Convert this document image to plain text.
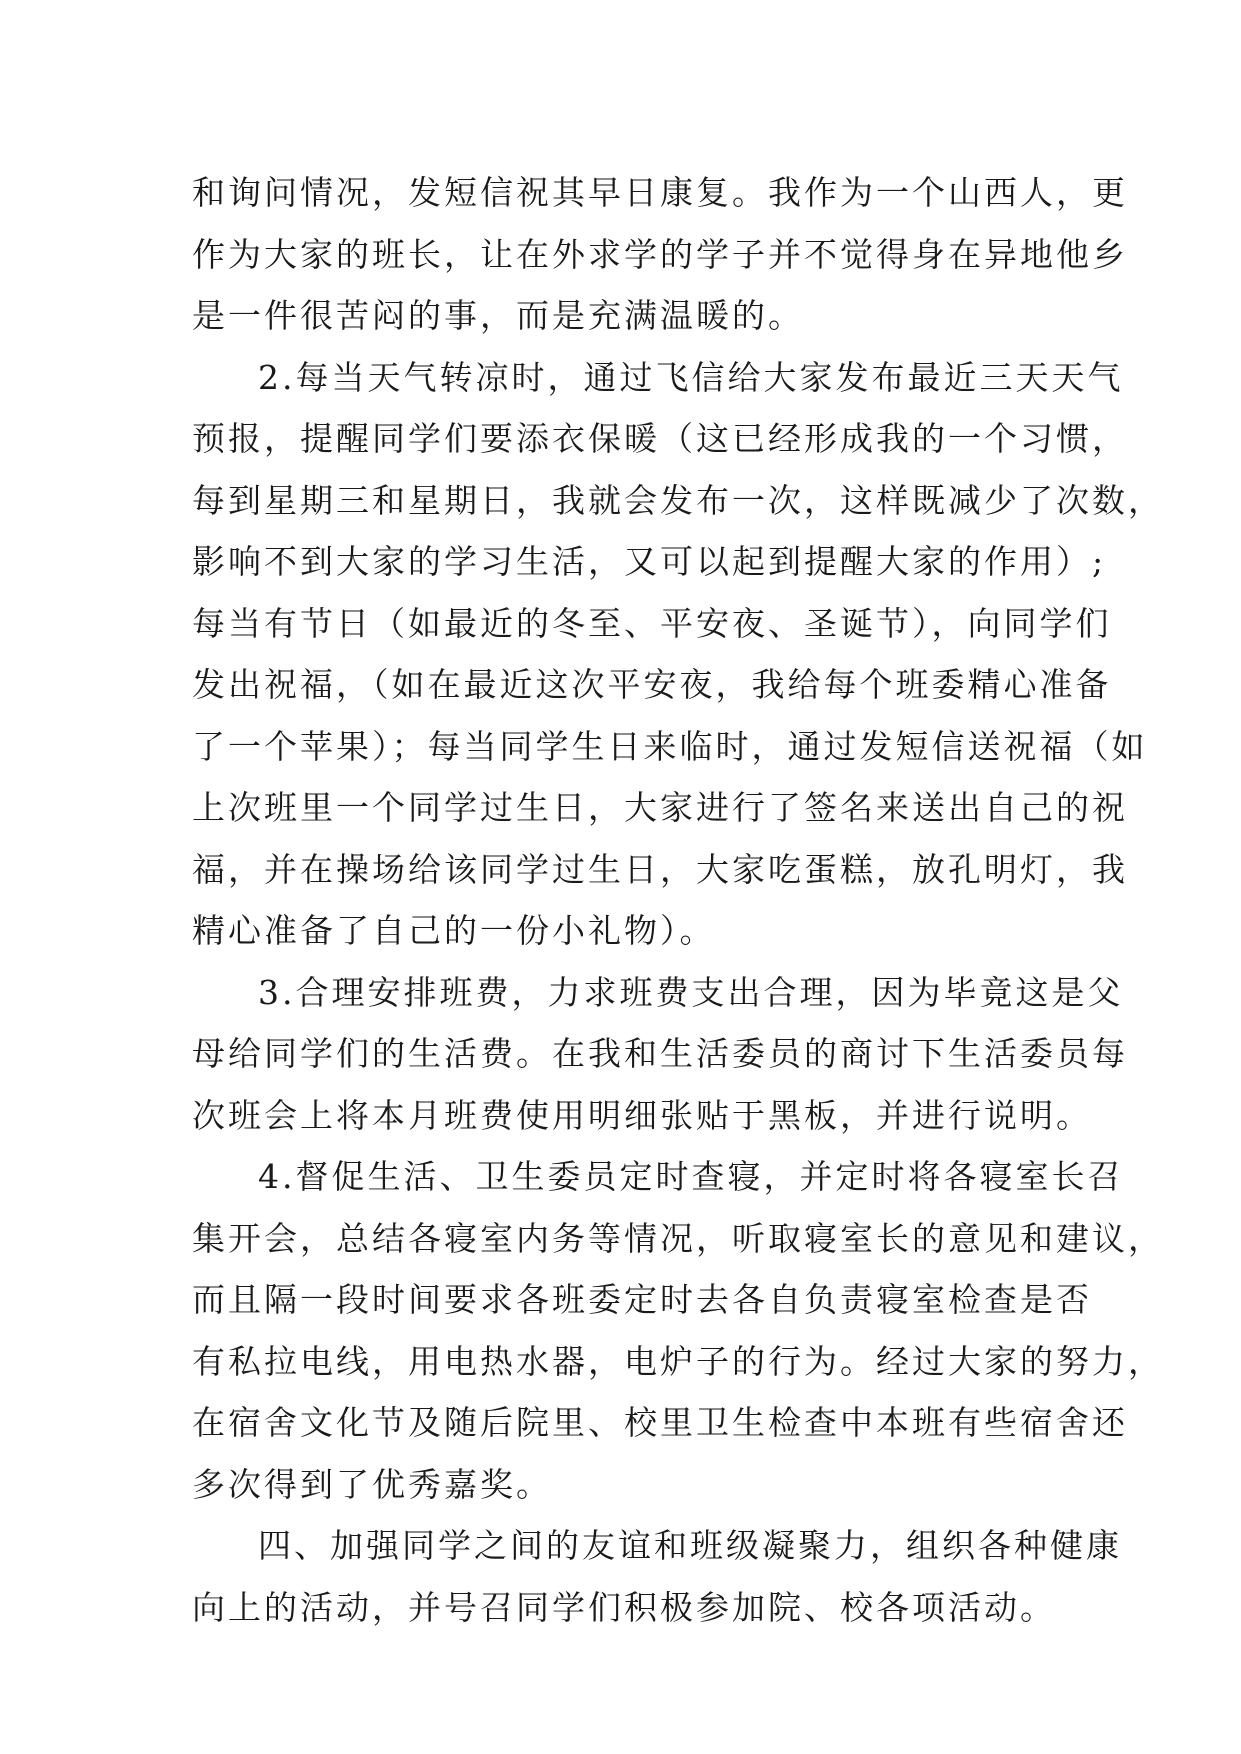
和询问情况，发短信祝其早日康复。我作为一个山西人，更
作为大家的班长，让在外求学的学子并不觉得身在异地他乡
是一件很苦闷的事，而是充满温暖的。
2.每当天气转凉时，通过飞信给大家发布最近三天天气
预报，提醒同学们要添衣保暖（这已经形成我的一个习惯，
每到星期三和星期日，我就会发布一次，这样既减少了次数，
影响不到大家的学习生活，又可以起到提醒大家的作用）;
每当有节日（如最近的冬至、平安夜、圣诞节），向同学们
发出祝福，（如在最近这次平安夜，我给每个班委精心准备
了一个苹果）；每当同学生日来临时，通过发短信送祝福（如
上次班里一个同学过生日，大家进行了签名来送出自己的祝
福，并在操场给该同学过生日，大家吃蛋糕，放孔明灯，我
精心准备了自己的一份小礼物）。
3.合理安排班费，力求班费支出合理，因为毕竟这是父
母给同学们的生活费。在我和生活委员的商讨下生活委员每
次班会上将本月班费使用明细张贴于黑板，并进行说明。
4.督促生活、卫生委员定时查寝，并定时将各寝室长召
集开会，总结各寝室内务等情况，听取寝室长的意见和建议，
而且隔一段时间要求各班委定时去各自负责寝室检查是否
有私拉电线，用电热水器，电炉子的行为。经过大家的努力，
在宿舍文化节及随后院里、校里卫生检查中本班有些宿舍还
多次得到了优秀嘉奖。
四、加强同学之间的友谊和班级凝聚力，组织各种健康
向上的活动，并号召同学们积极参加院、校各项活动。
